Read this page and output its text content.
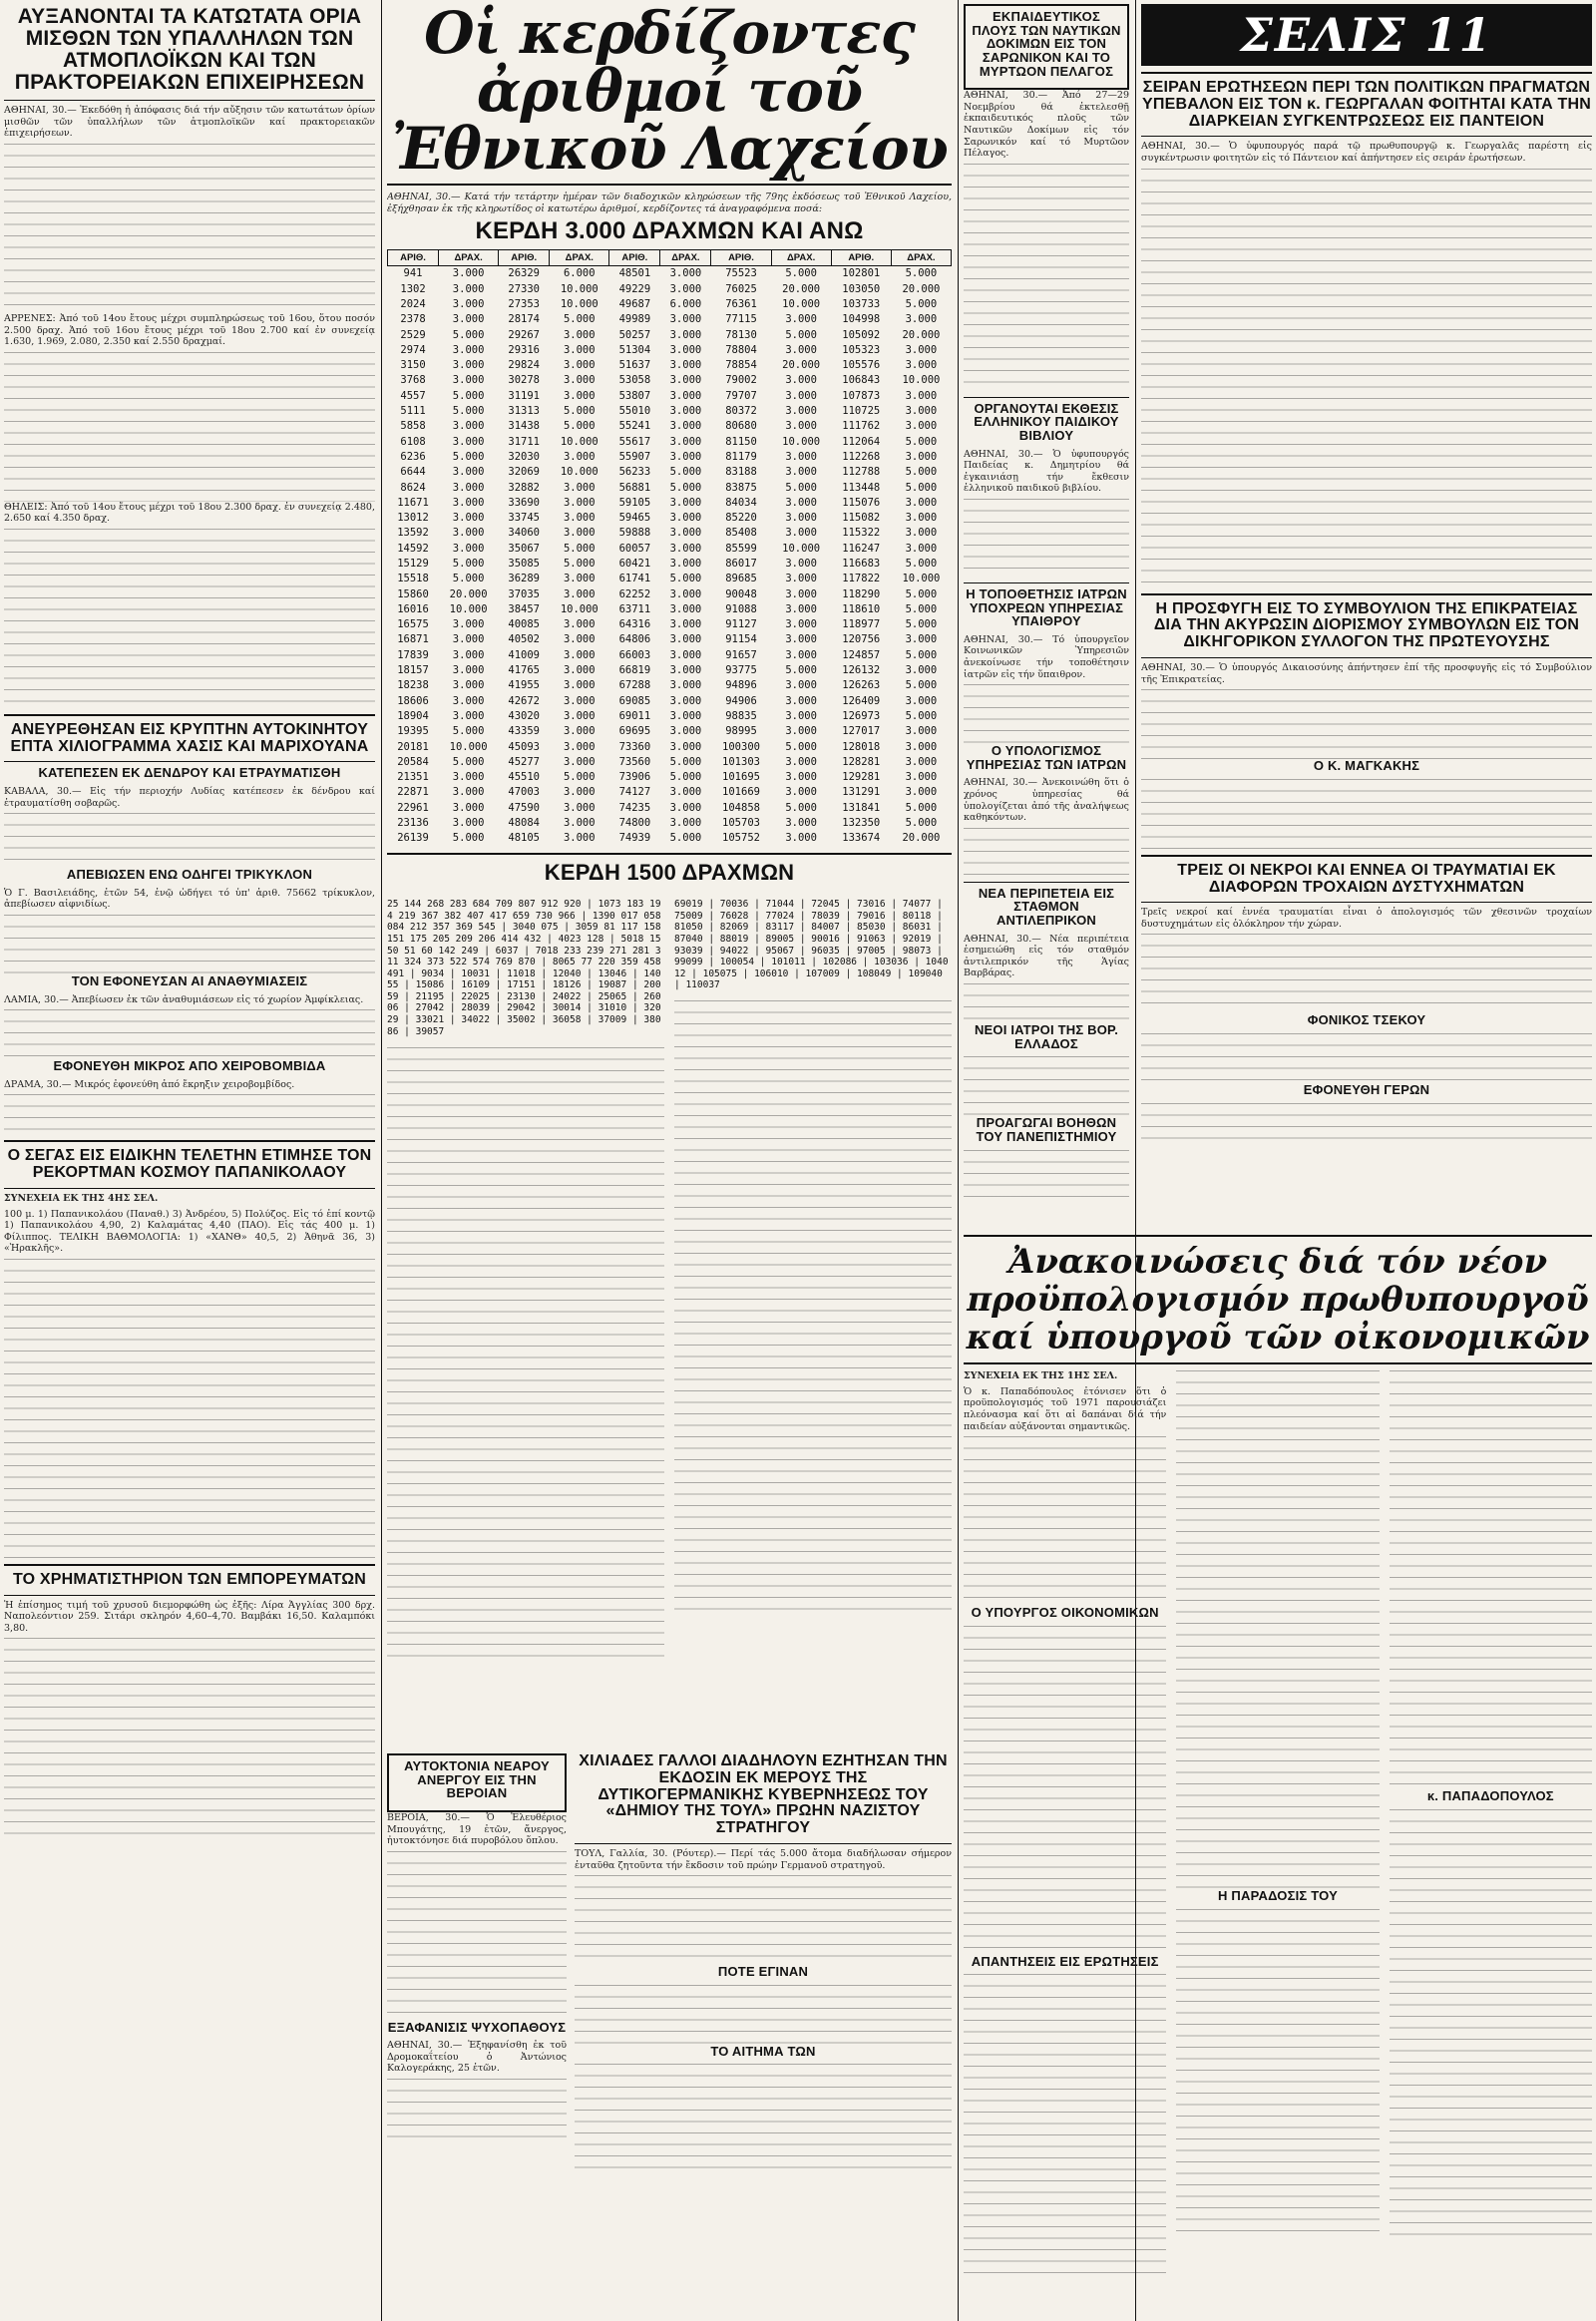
ΑΥΞΑΝΟΝΤΑΙ ΤΑ ΚΑΤΩΤΑΤΑ ΟΡΙΑ ΜΙΣΘΩΝ ΤΩΝ ΥΠΑΛΛΗΛΩΝ ΤΩΝ ΑΤΜΟΠΛΟΪΚΩΝ ΚΑΙ ΤΩΝ ΠΡΑΚΤΟΡΕΙΑΚΩΝ ΕΠΙΧΕΙΡΗΣΕΩΝ

ΑΘΗΝΑΙ, 30.— Ἐκεδόθη ἡ ἀπόφασις διά τήν αὔξησιν τῶν κατωτάτων ὁρίων μισθῶν τῶν ὑπαλλήλων τῶν ἀτμοπλοϊκῶν καί πρακτορειακῶν ἐπιχειρήσεων.

ΑΡΡΕΝΕΣ: Ἀπό τοῦ 14ου ἔτους μέχρι συμπληρώσεως τοῦ 16ου, ὅτου ποσόν 2.500 δραχ. Ἀπό τοῦ 16ου ἔτους μέχρι τοῦ 18ου 2.700 καί ἐν συνεχείᾳ 1.630, 1.969, 2.080, 2.350 καί 2.550 δραχμαί.

ΘΗΛΕΙΣ: Ἀπό τοῦ 14ου ἔτους μέχρι τοῦ 18ου 2.300 δραχ. ἐν συνεχείᾳ 2.480, 2.650 καί 4.350 δραχ.

ΑΝΕΥΡΕΘΗΣΑΝ ΕΙΣ ΚΡΥΠΤΗΝ ΑΥΤΟΚΙΝΗΤΟΥ ΕΠΤΑ ΧΙΛΙΟΓΡΑΜΜΑ ΧΑΣΙΣ ΚΑΙ ΜΑΡΙΧΟΥΑΝΑ
ΚΑΤΕΠΕΣΕΝ ΕΚ ΔΕΝΔΡΟΥ ΚΑΙ ΕΤΡΑΥΜΑΤΙΣΘΗ

ΚΑΒΑΛΑ, 30.— Εἰς τήν περιοχήν Λυδίας κατέπεσεν ἐκ δένδρου καί ἐτραυματίσθη σοβαρῶς.

ΑΠΕΒΙΩΣΕΝ ΕΝΩ ΟΔΗΓΕΙ ΤΡΙΚΥΚΛΟΝ

Ὁ Γ. Βασιλειάδης, ἐτῶν 54, ἐνῷ ὡδήγει τό ὑπ' ἀριθ. 75662 τρίκυκλον, ἀπεβίωσεν αἰφνιδίως.

ΤΟΝ ΕΦΟΝΕΥΣΑΝ ΑΙ ΑΝΑΘΥΜΙΑΣΕΙΣ

ΛΑΜΙΑ, 30.— Ἀπεβίωσεν ἐκ τῶν ἀναθυμιάσεων εἰς τό χωρίον Ἀμφίκλειας.

ΕΦΟΝΕΥΘΗ ΜΙΚΡΟΣ ΑΠΟ ΧΕΙΡΟΒΟΜΒΙΔΑ

ΔΡΑΜΑ, 30.— Μικρός ἐφονεύθη ἀπό ἔκρηξιν χειροβομβίδος.

Ο ΣΕΓΑΣ ΕΙΣ ΕΙΔΙΚΗΝ ΤΕΛΕΤΗΝ ΕΤΙΜΗΣΕ ΤΟΝ ΡΕΚΟΡΤΜΑΝ ΚΟΣΜΟΥ ΠΑΠΑΝΙΚΟΛΑΟΥ

ΣΥΝΕΧΕΙΑ ΕΚ ΤΗΣ 4ΗΣ ΣΕΛ.

100 μ. 1) Παπανικολάου (Παναθ.) 3) Ἀνδρέου, 5) Πολύζος. Εἰς τό ἐπί κοντῷ 1) Παπανικολάου 4,90, 2) Καλαμάτας 4,40 (ΠΑΟ). Εἰς τάς 400 μ. 1) Φίλιππος. ΤΕΛΙΚΗ ΒΑΘΜΟΛΟΓΙΑ: 1) «ΧΑΝΘ» 40,5, 2) Ἀθηνᾶ 36, 3) «Ἠρακλῆς».

ΤΟ ΧΡΗΜΑΤΙΣΤΗΡΙΟΝ ΤΩΝ ΕΜΠΟΡΕΥΜΑΤΩΝ

Ἡ ἐπίσημος τιμή τοῦ χρυσοῦ διεμορφώθη ὡς ἑξῆς: Λίρα Ἀγγλίας 300 δρχ. Ναπολεόντιον 259. Σιτάρι σκληρόν 4,60–4,70. Βαμβάκι 16,50. Καλαμπόκι 3,80.

Οἱ κερδίζοντες ἀριθμοί τοῦ Ἐθνικοῦ Λαχείου

ΑΘΗΝΑΙ, 30.— Κατά τήν τετάρτην ἡμέραν τῶν διαδοχικῶν κληρώσεων τῆς 79ης ἐκδόσεως τοῦ Ἐθνικοῦ Λαχείου, ἐξήχθησαν ἐκ τῆς κληρωτίδος οἱ κατωτέρω ἀριθμοί, κερδίζοντες τά ἀναγραφόμενα ποσά:

ΚΕΡΔΗ 3.000 ΔΡΑΧΜΩΝ ΚΑΙ ΑΝΩ
ΑΡΙΘ.	ΔΡΑΧ.	ΑΡΙΘ.	ΔΡΑΧ.	ΑΡΙΘ.	ΔΡΑΧ.	ΑΡΙΘ.	ΔΡΑΧ.	ΑΡΙΘ.	ΔΡΑΧ.
941	3.000	26329	6.000	48501	3.000	75523	5.000	102801	5.000
1302	3.000	27330	10.000	49229	3.000	76025	20.000	103050	20.000
2024	3.000	27353	10.000	49687	6.000	76361	10.000	103733	5.000
2378	3.000	28174	5.000	49989	3.000	77115	3.000	104998	3.000
2529	5.000	29267	3.000	50257	3.000	78130	5.000	105092	20.000
2974	3.000	29316	3.000	51304	3.000	78804	3.000	105323	3.000
3150	3.000	29824	3.000	51637	3.000	78854	20.000	105576	3.000
3768	3.000	30278	3.000	53058	3.000	79002	3.000	106843	10.000
4557	5.000	31191	3.000	53807	3.000	79707	3.000	107873	3.000
5111	5.000	31313	5.000	55010	3.000	80372	3.000	110725	3.000
5858	3.000	31438	5.000	55241	3.000	80680	3.000	111762	3.000
6108	3.000	31711	10.000	55617	3.000	81150	10.000	112064	5.000
6236	5.000	32030	3.000	55907	3.000	81179	3.000	112268	3.000
6644	3.000	32069	10.000	56233	5.000	83188	3.000	112788	5.000
8624	3.000	32882	3.000	56881	5.000	83875	5.000	113448	5.000
11671	3.000	33690	3.000	59105	3.000	84034	3.000	115076	3.000
13012	3.000	33745	3.000	59465	3.000	85220	3.000	115082	3.000
13592	3.000	34060	3.000	59888	3.000	85408	3.000	115322	3.000
14592	3.000	35067	5.000	60057	3.000	85599	10.000	116247	3.000
15129	5.000	35085	5.000	60421	3.000	86017	3.000	116683	5.000
15518	5.000	36289	3.000	61741	5.000	89685	3.000	117822	10.000
15860	20.000	37035	3.000	62252	3.000	90048	3.000	118290	5.000
16016	10.000	38457	10.000	63711	3.000	91088	3.000	118610	5.000
16575	3.000	40085	3.000	64316	3.000	91127	3.000	118977	5.000
16871	3.000	40502	3.000	64806	3.000	91154	3.000	120756	3.000
17839	3.000	41009	3.000	66003	3.000	91657	3.000	124857	5.000
18157	3.000	41765	3.000	66819	3.000	93775	5.000	126132	3.000
18238	3.000	41955	3.000	67288	3.000	94896	3.000	126263	5.000
18606	3.000	42672	3.000	69085	3.000	94906	3.000	126409	3.000
18904	3.000	43020	3.000	69011	3.000	98835	3.000	126973	5.000
19395	5.000	43359	3.000	69695	3.000	98995	3.000	127017	3.000
20181	10.000	45093	3.000	73360	3.000	100300	5.000	128018	3.000
20584	5.000	45277	3.000	73560	5.000	101303	3.000	128281	3.000
21351	3.000	45510	5.000	73906	5.000	101695	3.000	129281	3.000
22871	3.000	47003	3.000	74127	3.000	101669	3.000	131291	3.000
22961	3.000	47590	3.000	74235	3.000	104858	5.000	131841	5.000
23136	3.000	48084	3.000	74800	3.000	105703	3.000	132350	5.000
26139	5.000	48105	3.000	74939	5.000	105752	3.000	133674	20.000
ΚΕΡΔΗ 1500 ΔΡΑΧΜΩΝ

25 144 268 283 684 709 807 912 920 | 1073 183 194 219 367 382 407 417 659 730 966 | 1390 017 058 084 212 357 369 545 | 3040 075 | 3059 81 117 158 151 175 205 209 206 414 432 | 4023 128 | 5018 15 50 51 60 142 249 | 6037 | 7018 233 239 271 281 311 324 373 522 574 769 870 | 8065 77 220 359 458 491 | 9034 | 10031 | 11018 | 12040 | 13046 | 14055 | 15086 | 16109 | 17151 | 18126 | 19087 | 20059 | 21195 | 22025 | 23130 | 24022 | 25065 | 26006 | 27042 | 28039 | 29042 | 30014 | 31010 | 32029 | 33021 | 34022 | 35002 | 36058 | 37009 | 38086 | 39057

69019 | 70036 | 71044 | 72045 | 73016 | 74077 | 75009 | 76028 | 77024 | 78039 | 79016 | 80118 | 81050 | 82069 | 83117 | 84007 | 85030 | 86031 | 87040 | 88019 | 89005 | 90016 | 91063 | 92019 | 93039 | 94022 | 95067 | 96035 | 97005 | 98073 | 99099 | 100054 | 101011 | 102086 | 103036 | 104012 | 105075 | 106010 | 107009 | 108049 | 109040 | 110037

ΑΥΤΟΚΤΟΝΙΑ ΝΕΑΡΟΥ ΑΝΕΡΓΟΥ ΕΙΣ ΤΗΝ ΒΕΡΟΙΑΝ

ΒΕΡΟΙΑ, 30.— Ὁ Ἐλευθέριος Μπουγάτης, 19 ἐτῶν, ἄνεργος, ἠυτοκτόνησε διά πυροβόλου ὅπλου.

ΕΞΑΦΑΝΙΣΙΣ ΨΥΧΟΠΑΘΟΥΣ

ΑΘΗΝΑΙ, 30.— Ἐξηφανίσθη ἐκ τοῦ Δρομοκαΐτείου ὁ Ἀντώνιος Καλογεράκης, 25 ἐτῶν.

ΧΙΛΙΑΔΕΣ ΓΑΛΛΟΙ ΔΙΑΔΗΛΟΥΝ ΕΖΗΤΗΣΑΝ ΤΗΝ ΕΚΔΟΣΙΝ ΕΚ ΜΕΡΟΥΣ ΤΗΣ ΔΥΤΙΚΟΓΕΡΜΑΝΙΚΗΣ ΚΥΒΕΡΝΗΣΕΩΣ ΤΟΥ «ΔΗΜΙΟΥ ΤΗΣ ΤΟΥΛ» ΠΡΩΗΝ ΝΑΖΙΣΤΟΥ ΣΤΡΑΤΗΓΟΥ

ΤΟΥΛ, Γαλλία, 30. (Ρόυτερ).— Περί τάς 5.000 ἄτομα διαδήλωσαν σήμερον ἐνταῦθα ζητοῦντα τήν ἔκδοσιν τοῦ πρώην Γερμανοῦ στρατηγοῦ.

ΠΟΤΕ ΕΓΙΝΑΝ
ΤΟ ΑΙΤΗΜΑ ΤΩΝ
ΕΚΠΑΙΔΕΥΤΙΚΟΣ ΠΛΟΥΣ ΤΩΝ ΝΑΥΤΙΚΩΝ ΔΟΚΙΜΩΝ ΕΙΣ ΤΟΝ ΣΑΡΩΝΙΚΟΝ ΚΑΙ ΤΟ ΜΥΡΤΩΟΝ ΠΕΛΑΓΟΣ

ΑΘΗΝΑΙ, 30.— Ἀπό 27—29 Νοεμβρίου θά ἐκτελεσθῇ ἐκπαιδευτικός πλοῦς τῶν Ναυτικῶν Δοκίμων εἰς τόν Σαρωνικόν καί τό Μυρτῶον Πέλαγος.

ΟΡΓΑΝΟΥΤΑΙ ΕΚΘΕΣΙΣ ΕΛΛΗΝΙΚΟΥ ΠΑΙΔΙΚΟΥ ΒΙΒΛΙΟΥ

ΑΘΗΝΑΙ, 30.— Ὁ ὑφυπουργός Παιδείας κ. Δημητρίου θά ἐγκαινιάσῃ τήν ἔκθεσιν ἑλληνικοῦ παιδικοῦ βιβλίου.

Η ΤΟΠΟΘΕΤΗΣΙΣ ΙΑΤΡΩΝ ΥΠΟΧΡΕΩΝ ΥΠΗΡΕΣΙΑΣ ΥΠΑΙΘΡΟΥ

ΑΘΗΝΑΙ, 30.— Τό ὑπουργεῖον Κοινωνικῶν Ὑπηρεσιῶν ἀνεκοίνωσε τήν τοποθέτησιν ἰατρῶν εἰς τήν ὕπαιθρον.

Ο ΥΠΟΛΟΓΙΣΜΟΣ ΥΠΗΡΕΣΙΑΣ ΤΩΝ ΙΑΤΡΩΝ

ΑΘΗΝΑΙ, 30.— Ἀνεκοινώθη ὅτι ὁ χρόνος ὑπηρεσίας θά ὑπολογίζεται ἀπό τῆς ἀναλήψεως καθηκόντων.

ΝΕΑ ΠΕΡΙΠΕΤΕΙΑ ΕΙΣ ΣΤΑΘΜΟΝ ΑΝΤΙΛΕΠΡΙΚΟΝ

ΑΘΗΝΑΙ, 30.— Νέα περιπέτεια ἐσημειώθη εἰς τόν σταθμόν ἀντιλεπρικόν τῆς Ἁγίας Βαρβάρας.

ΝΕΟΙ ΙΑΤΡΟΙ ΤΗΣ ΒΟΡ. ΕΛΛΑΔΟΣ
ΠΡΟΑΓΩΓΑΙ ΒΟΗΘΩΝ ΤΟΥ ΠΑΝΕΠΙΣΤΗΜΙΟΥ
ΣΕΛΙΣ 11
ΣΕΙΡΑΝ ΕΡΩΤΗΣΕΩΝ ΠΕΡΙ ΤΩΝ ΠΟΛΙΤΙΚΩΝ ΠΡΑΓΜΑΤΩΝ ΥΠΕΒΑΛΟΝ ΕΙΣ ΤΟΝ κ. ΓΕΩΡΓΑΛΑΝ ΦΟΙΤΗΤΑΙ ΚΑΤΑ ΤΗΝ ΔΙΑΡΚΕΙΑΝ ΣΥΓΚΕΝΤΡΩΣΕΩΣ ΕΙΣ ΠΑΝΤΕΙΟΝ

ΑΘΗΝΑΙ, 30.— Ὁ ὑφυπουργός παρά τῷ πρωθυπουργῷ κ. Γεωργαλᾶς παρέστη εἰς συγκέντρωσιν φοιτητῶν εἰς τό Πάντειον καί ἀπήντησεν εἰς σειράν ἐρωτήσεων.

Η ΠΡΟΣΦΥΓΗ ΕΙΣ ΤΟ ΣΥΜΒΟΥΛΙΟΝ ΤΗΣ ΕΠΙΚΡΑΤΕΙΑΣ ΔΙΑ ΤΗΝ ΑΚΥΡΩΣΙΝ ΔΙΟΡΙΣΜΟΥ ΣΥΜΒΟΥΛΩΝ ΕΙΣ ΤΟΝ ΔΙΚΗΓΟΡΙΚΟΝ ΣΥΛΛΟΓΟΝ ΤΗΣ ΠΡΩΤΕΥΟΥΣΗΣ

ΑΘΗΝΑΙ, 30.— Ὁ ὑπουργός Δικαιοσύνης ἀπήντησεν ἐπί τῆς προσφυγῆς εἰς τό Συμβούλιον τῆς Ἐπικρατείας.

Ο Κ. ΜΑΓΚΑΚΗΣ
ΤΡΕΙΣ ΟΙ ΝΕΚΡΟΙ ΚΑΙ ΕΝΝΕΑ ΟΙ ΤΡΑΥΜΑΤΙΑΙ ΕΚ ΔΙΑΦΟΡΩΝ ΤΡΟΧΑΙΩΝ ΔΥΣΤΥΧΗΜΑΤΩΝ

Τρεῖς νεκροί καί ἐννέα τραυματίαι εἶναι ὁ ἀπολογισμός τῶν χθεσινῶν τροχαίων δυστυχημάτων εἰς ὁλόκληρον τήν χώραν.

ΦΟΝΙΚΟΣ ΤΣΕΚΟΥ
ΕΦΟΝΕΥΘΗ ΓΕΡΩΝ
Ἀνακοινώσεις διά τόν νέον προϋπολογισμόν πρωθυπουργοῦ καί ὑπουργοῦ τῶν οἰκονομικῶν

ΣΥΝΕΧΕΙΑ ΕΚ ΤΗΣ 1ΗΣ ΣΕΛ.

Ὁ κ. Παπαδόπουλος ἐτόνισεν ὅτι ὁ προϋπολογισμός τοῦ 1971 παρουσιάζει πλεόνασμα καί ὅτι αἱ δαπάναι διά τήν παιδείαν αὐξάνονται σημαντικῶς.

Ο ΥΠΟΥΡΓΟΣ ΟΙΚΟΝΟΜΙΚΩΝ
ΑΠΑΝΤΗΣΕΙΣ ΕΙΣ ΕΡΩΤΗΣΕΙΣ
Η ΠΑΡΑΔΟΣΙΣ ΤΟΥ
κ. ΠΑΠΑΔΟΠΟΥΛΟΣ
